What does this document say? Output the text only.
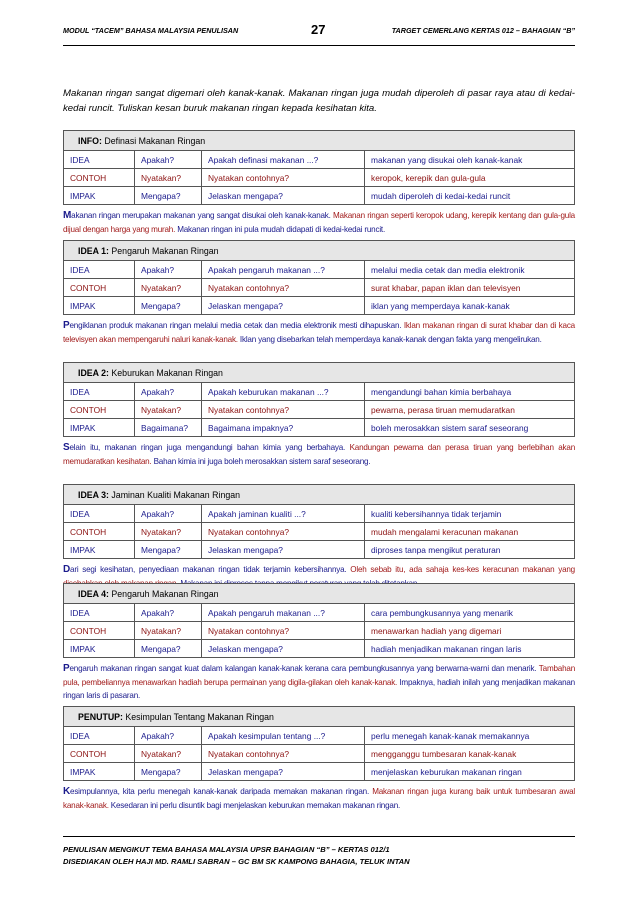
MODUL “TACEM” BAHASA MALAYSIA PENULISAN	27	TARGET CEMERLANG KERTAS 012 – BAHAGIAN “B”
Makanan ringan sangat digemari oleh kanak-kanak. Makanan ringan juga mudah diperoleh di pasar raya atau di kedai-kedai runcit. Tuliskan kesan buruk makanan ringan kepada kesihatan kita.
INFO: Definasi Makanan Ringan			
IDEA	Apakah?	Apakah definasi makanan ...?	makanan yang disukai oleh kanak-kanak
CONTOH	Nyatakan?	Nyatakan contohnya?	keropok, kerepik dan gula-gula
IMPAK	Mengapa?	Jelaskan mengapa?	mudah diperoleh di kedai-kedai runcit
Makanan ringan merupakan makanan yang sangat disukai oleh kanak-kanak. Makanan ringan seperti keropok udang, kerepik kentang dan gula-gula dijual dengan harga yang murah. Makanan ringan ini pula mudah didapati di kedai-kedai runcit.
IDEA 1: Pengaruh Makanan Ringan			
IDEA	Apakah?	Apakah pengaruh makanan ...?	melalui media cetak dan media elektronik
CONTOH	Nyatakan?	Nyatakan contohnya?	surat khabar, papan iklan dan televisyen
IMPAK	Mengapa?	Jelaskan mengapa?	iklan yang memperdaya kanak-kanak
Pengiklanan produk makanan ringan melalui media cetak dan media elektronik mesti dihapuskan. Iklan makanan ringan di surat khabar dan di kaca televisyen akan mempengaruhi naluri kanak-kanak. Iklan yang disebarkan telah memperdaya kanak-kanak dengan fakta yang mengelirukan.
IDEA 2: Keburukan Makanan Ringan			
IDEA	Apakah?	Apakah keburukan makanan ...?	mengandungi bahan kimia berbahaya
CONTOH	Nyatakan?	Nyatakan contohnya?	pewarna, perasa tiruan memudaratkan
IMPAK	Bagaimana?	Bagaimana impaknya?	boleh merosakkan sistem saraf seseorang
Selain itu, makanan ringan juga mengandungi bahan kimia yang berbahaya. Kandungan pewarna dan perasa tiruan yang berlebihan akan memudaratkan kesihatan. Bahan kimia ini juga boleh merosakkan sistem saraf seseorang.
IDEA 3: Jaminan Kualiti Makanan Ringan			
IDEA	Apakah?	Apakah jaminan kualiti ...?	kualiti kebersihannya tidak terjamin
CONTOH	Nyatakan?	Nyatakan contohnya?	mudah mengalami keracunan makanan
IMPAK	Mengapa?	Jelaskan mengapa?	diproses tanpa mengikut peraturan
Dari segi kesihatan, penyediaan makanan ringan tidak terjamin kebersihannya. Oleh sebab itu, ada sahaja kes-kes keracunan makanan yang
IDEA 4: Pengaruh Makanan Ringan			
IDEA	Apakah?	Apakah pengaruh makanan ...?	cara pembungkusannya yang menarik
CONTOH	Nyatakan?	Nyatakan contohnya?	menawarkan hadiah yang digemari
IMPAK	Mengapa?	Jelaskan mengapa?	hadiah menjadikan makanan ringan laris
Pengaruh makanan ringan sangat kuat dalam kalangan kanak-kanak kerana cara pembungkusannya yang berwarna-warni dan menarik. Tambahan pula, pembeliannya menawarkan hadiah berupa permainan yang digila-gilakan oleh kanak-kanak. Impaknya, hadiah inilah yang menjadikan makanan ringan laris di pasaran.
PENUTUP: Kesimpulan Tentang Makanan Ringan			
IDEA	Apakah?	Apakah kesimpulan tentang ...?	perlu menegah kanak-kanak memakannya
CONTOH	Nyatakan?	Nyatakan contohnya?	mengganggu tumbesaran kanak-kanak
IMPAK	Mengapa?	Jelaskan mengapa?	menjelaskan keburukan makanan ringan
Kesimpulannya, kita perlu menegah kanak-kanak daripada memakan makanan ringan. Makanan ringan juga kurang baik untuk tumbesaran awal kanak-kanak. Kesedaran ini perlu disuntik bagi menjelaskan keburukan memakan makanan ringan.
PENULISAN MENGIKUT TEMA BAHASA MALAYSIA UPSR BAHAGIAN “B” – KERTAS 012/1
DISEDIAKAN OLEH HAJI MD. RAMLI SABRAN – GC BM SK KAMPONG BAHAGIA, TELUK INTAN
